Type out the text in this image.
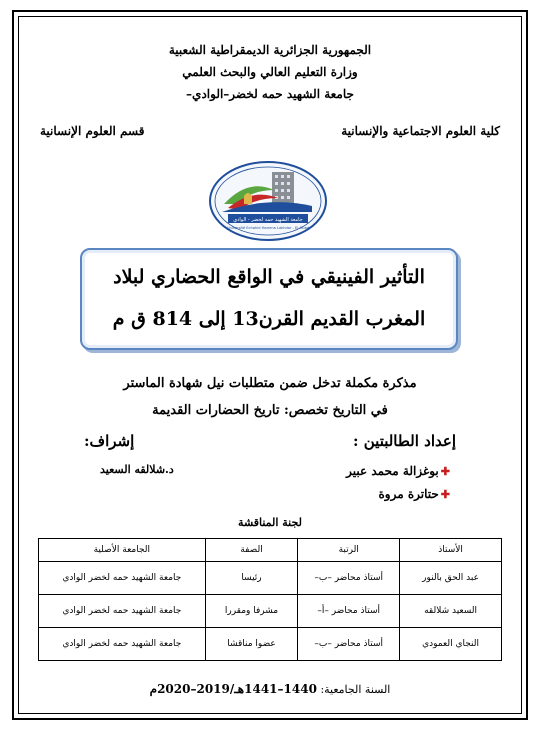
الجمهورية الجزائرية الديمقراطية الشعبية
وزارة التعليم العالي والبحث العلمي
جامعة الشهيد حمه لخضر–الوادي–
كلية العلوم الاجتماعية والإنسانية
قسم العلوم الإنسانية
جامعة الشهيد حمه لخضر - الوادي
Université Echahid Hamma Lakhdar - El Oued
التأثير الفينيقي في الواقع الحضاري لبلاد
المغرب القديم القرن13 إلى 814 ق م
مذكرة مكملة تدخل ضمن متطلبات نيل شهادة الماستر
في التاريخ تخصص: تاريخ الحضارات القديمة
إعداد الطالبتين :
إشراف:
✚
بوغزالة محمد عبير
✚
حتاترة مروة
د.شلالقه السعيد
لجنة المناقشة
الأستاذ	الرتبة	الصفة	الجامعة الأصلية
عبد الحق بالنور	أستاذ محاضر –ب–	رئيسا	جامعة الشهيد حمه لخضر الوادي
السعيد شلالقه	أستاذ محاضر –أ–	مشرفا ومقررا	جامعة الشهيد حمه لخضر الوادي
النجاي العمودي	أستاذ محاضر –ب–	عضوا مناقشا	جامعة الشهيد حمه لخضر الوادي
السنة الجامعية: 1440–1441هـ/2019–2020م
